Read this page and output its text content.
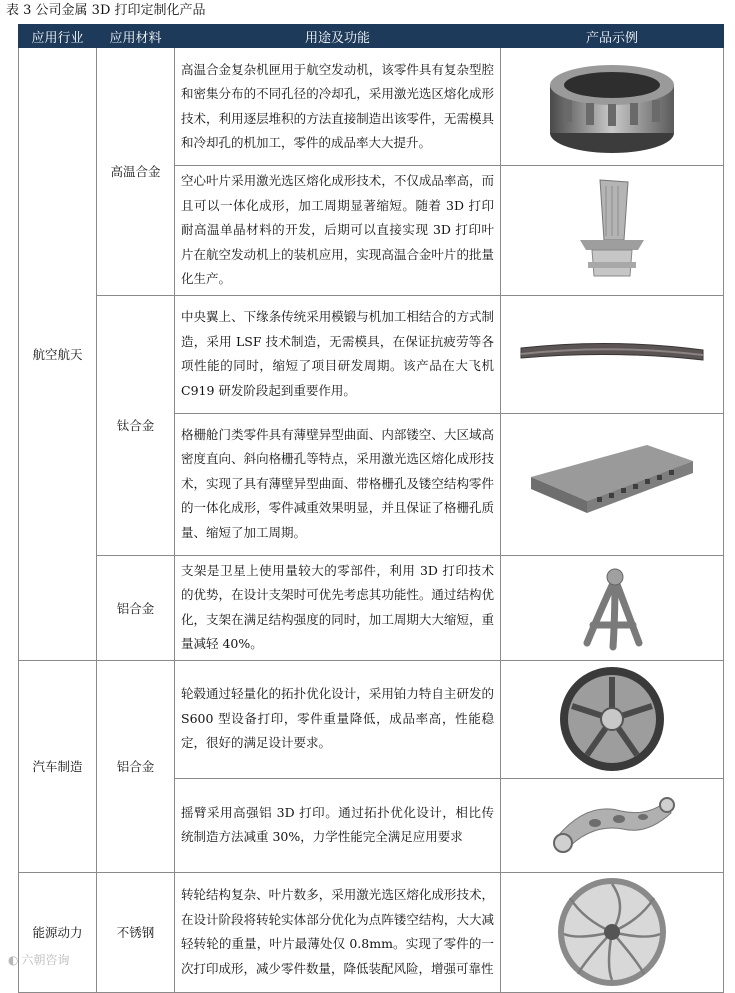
表 3 公司金属 3D 打印定制化产品
应用行业	应用材料	用途及功能	产品示例
航空航天	高温合金	高温合金复杂机匣用于航空发动机，该零件具有复杂型腔和密集分布的不同孔径的冷却孔，采用激光选区熔化成形技术，利用逐层堆积的方法直接制造出该零件，无需模具和冷却孔的机加工，零件的成品率大大提升。	

		空心叶片采用激光选区熔化成形技术，不仅成品率高，而且可以一体化成形，加工周期显著缩短。随着 3D 打印耐高温单晶材料的开发，后期可以直接实现 3D 打印叶片在航空发动机上的装机应用，实现高温合金叶片的批量化生产。	

	钛合金	中央翼上、下缘条传统采用模锻与机加工相结合的方式制造，采用 LSF 技术制造，无需模具，在保证抗疲劳等各项性能的同时，缩短了项目研发周期。该产品在大飞机 C919 研发阶段起到重要作用。	

		格栅舱门类零件具有薄壁异型曲面、内部镂空、大区域高密度直向、斜向格栅孔等特点，采用激光选区熔化成形技术，实现了具有薄壁异型曲面、带格栅孔及镂空结构零件的一体化成形，零件减重效果明显，并且保证了格栅孔质量、缩短了加工周期。	

	铝合金	支架是卫星上使用量较大的零部件，利用 3D 打印技术的优势，在设计支架时可优先考虑其功能性。通过结构优化，支架在满足结构强度的同时，加工周期大大缩短，重量减轻 40%。	

汽车制造	铝合金	轮毂通过轻量化的拓扑优化设计，采用铂力特自主研发的 S600 型设备打印，零件重量降低，成品率高，性能稳定，很好的满足设计要求。	

		摇臂采用高强铝 3D 打印。通过拓扑优化设计，相比传统制造方法减重 30%，力学性能完全满足应用要求	

能源动力	不锈钢	转轮结构复杂、叶片数多，采用激光选区熔化成形技术，在设计阶段将转轮实体部分优化为点阵镂空结构，大大减轻转轮的重量，叶片最薄处仅 0.8mm。实现了零件的一次打印成形，减少零件数量，降低装配风险，增强可靠性	
◐ 六朝咨询
